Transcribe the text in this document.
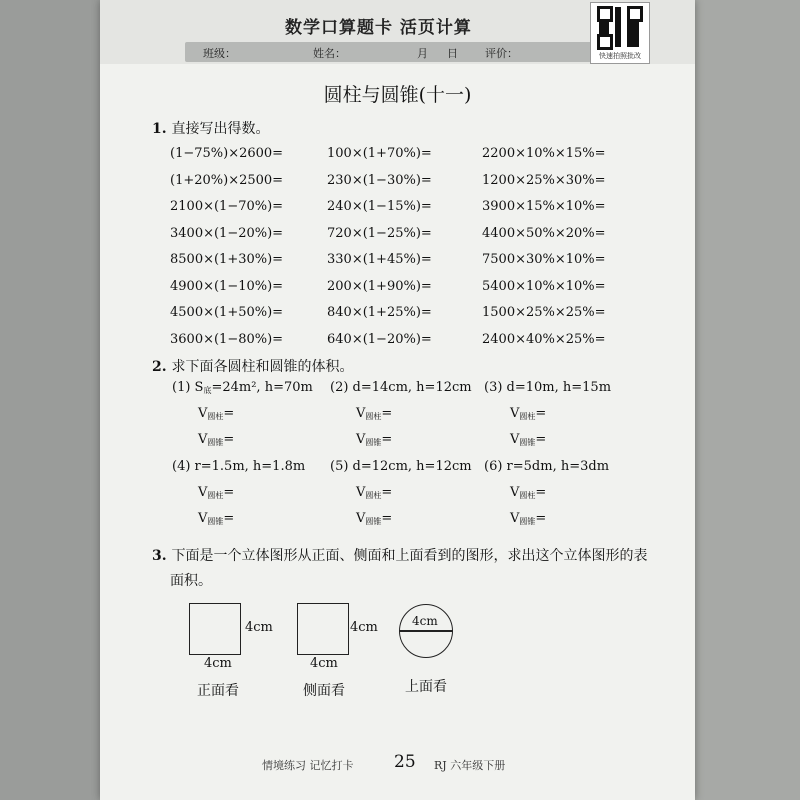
数学口算题卡 活页计算
班级：	姓名：	月 日 评价：	快速拍照批改
圆柱与圆锥(十一)
1. 直接写出得数。
(1−75%)×2600=	100×(1+70%)=	2200×10%×15%=
(1+20%)×2500=	230×(1−30%)=	1200×25%×30%=
2100×(1−70%)=	240×(1−15%)=	3900×15%×10%=
3400×(1−20%)=	720×(1−25%)=	4400×50%×20%=
8500×(1+30%)=	330×(1+45%)=	7500×30%×10%=
4900×(1−10%)=	200×(1+90%)=	5400×10%×10%=
4500×(1+50%)=	840×(1+25%)=	1500×25%×25%=
3600×(1−80%)=	640×(1−20%)=	2400×40%×25%=
2. 求下面各圆柱和圆锥的体积。
(1) $S_底=24m^2$, h=70m
$V_{圆柱}=$
$V_{圆锥}=$
(2) d=14cm, h=12cm
$V_{圆柱}=$
$V_{圆锥}=$
(3) d=10m, h=15m
$V_{圆柱}=$
$V_{圆锥}=$
(4) r=1.5m, h=1.8m
$V_{圆柱}=$
$V_{圆锥}=$
(5) d=12cm, h=12cm
$V_{圆柱}=$
$V_{圆锥}=$
(6) r=5dm, h=3dm
$V_{圆柱}=$
$V_{圆锥}=$
3. 下面是一个立体图形从正面、侧面和上面看到的图形，求出这个立体图形的表
面积。
4cm
4cm
正面看
4cm
4cm
侧面看
4cm
上面看
情境练习 记忆打卡 25 RJ 六年级下册
